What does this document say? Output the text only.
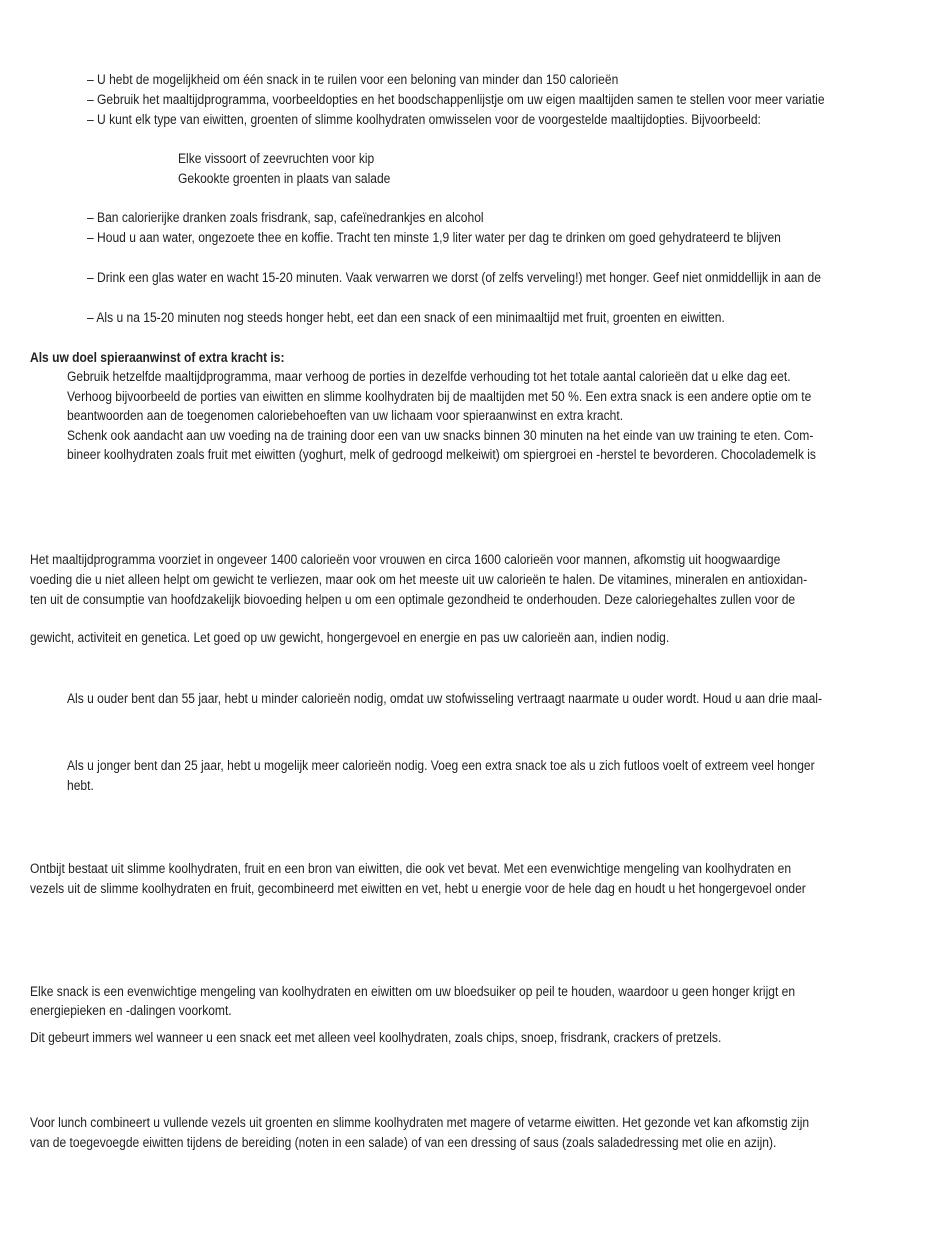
– U hebt de mogelijkheid om één snack in te ruilen voor een beloning van minder dan 150 calorieën
– Gebruik het maaltijdprogramma, voorbeeldopties en het boodschappenlijstje om uw eigen maaltijden samen te stellen voor meer variatie
– U kunt elk type van eiwitten, groenten of slimme koolhydraten omwisselen voor de voorgestelde maaltijdopties. Bijvoorbeeld:
Elke vissoort of zeevruchten voor kip
Gekookte groenten in plaats van salade
– Ban calorierijke dranken zoals frisdrank, sap, cafeïnedrankjes en alcohol
– Houd u aan water, ongezoete thee en koffie. Tracht ten minste 1,9 liter water per dag te drinken om goed gehydrateerd te blijven
– Drink een glas water en wacht 15-20 minuten. Vaak verwarren we dorst (of zelfs verveling!) met honger. Geef niet onmiddellijk in aan de
– Als u na 15-20 minuten nog steeds honger hebt, eet dan een snack of een minimaaltijd met fruit, groenten en eiwitten.
Als uw doel spieraanwinst of extra kracht is:
Gebruik hetzelfde maaltijdprogramma, maar verhoog de porties in dezelfde verhouding tot het totale aantal calorieën dat u elke dag eet.
Verhoog bijvoorbeeld de porties van eiwitten en slimme koolhydraten bij de maaltijden met 50 %. Een extra snack is een andere optie om te
beantwoorden aan de toegenomen caloriebehoeften van uw lichaam voor spieraanwinst en extra kracht.
Schenk ook aandacht aan uw voeding na de training door een van uw snacks binnen 30 minuten na het einde van uw training te eten. Com-
bineer koolhydraten zoals fruit met eiwitten (yoghurt, melk of gedroogd melkeiwit) om spiergroei en -herstel te bevorderen. Chocolademelk is
Het maaltijdprogramma voorziet in ongeveer 1400 calorieën voor vrouwen en circa 1600 calorieën voor mannen, afkomstig uit hoogwaardige
voeding die u niet alleen helpt om gewicht te verliezen, maar ook om het meeste uit uw calorieën te halen. De vitamines, mineralen en antioxidan-
ten uit de consumptie van hoofdzakelijk biovoeding helpen u om een optimale gezondheid te onderhouden. Deze caloriegehaltes zullen voor de
gewicht, activiteit en genetica. Let goed op uw gewicht, hongergevoel en energie en pas uw calorieën aan, indien nodig.
Als u ouder bent dan 55 jaar, hebt u minder calorieën nodig, omdat uw stofwisseling vertraagt naarmate u ouder wordt. Houd u aan drie maal-
Als u jonger bent dan 25 jaar, hebt u mogelijk meer calorieën nodig. Voeg een extra snack toe als u zich futloos voelt of extreem veel honger
hebt.
Ontbijt bestaat uit slimme koolhydraten, fruit en een bron van eiwitten, die ook vet bevat. Met een evenwichtige mengeling van koolhydraten en
vezels uit de slimme koolhydraten en fruit, gecombineerd met eiwitten en vet, hebt u energie voor de hele dag en houdt u het hongergevoel onder
Elke snack is een evenwichtige mengeling van koolhydraten en eiwitten om uw bloedsuiker op peil te houden, waardoor u geen honger krijgt en
energiepieken en -dalingen voorkomt.
Dit gebeurt immers wel wanneer u een snack eet met alleen veel koolhydraten, zoals chips, snoep, frisdrank, crackers of pretzels.
Voor lunch combineert u vullende vezels uit groenten en slimme koolhydraten met magere of vetarme eiwitten. Het gezonde vet kan afkomstig zijn
van de toegevoegde eiwitten tijdens de bereiding (noten in een salade) of van een dressing of saus (zoals saladedressing met olie en azijn).
